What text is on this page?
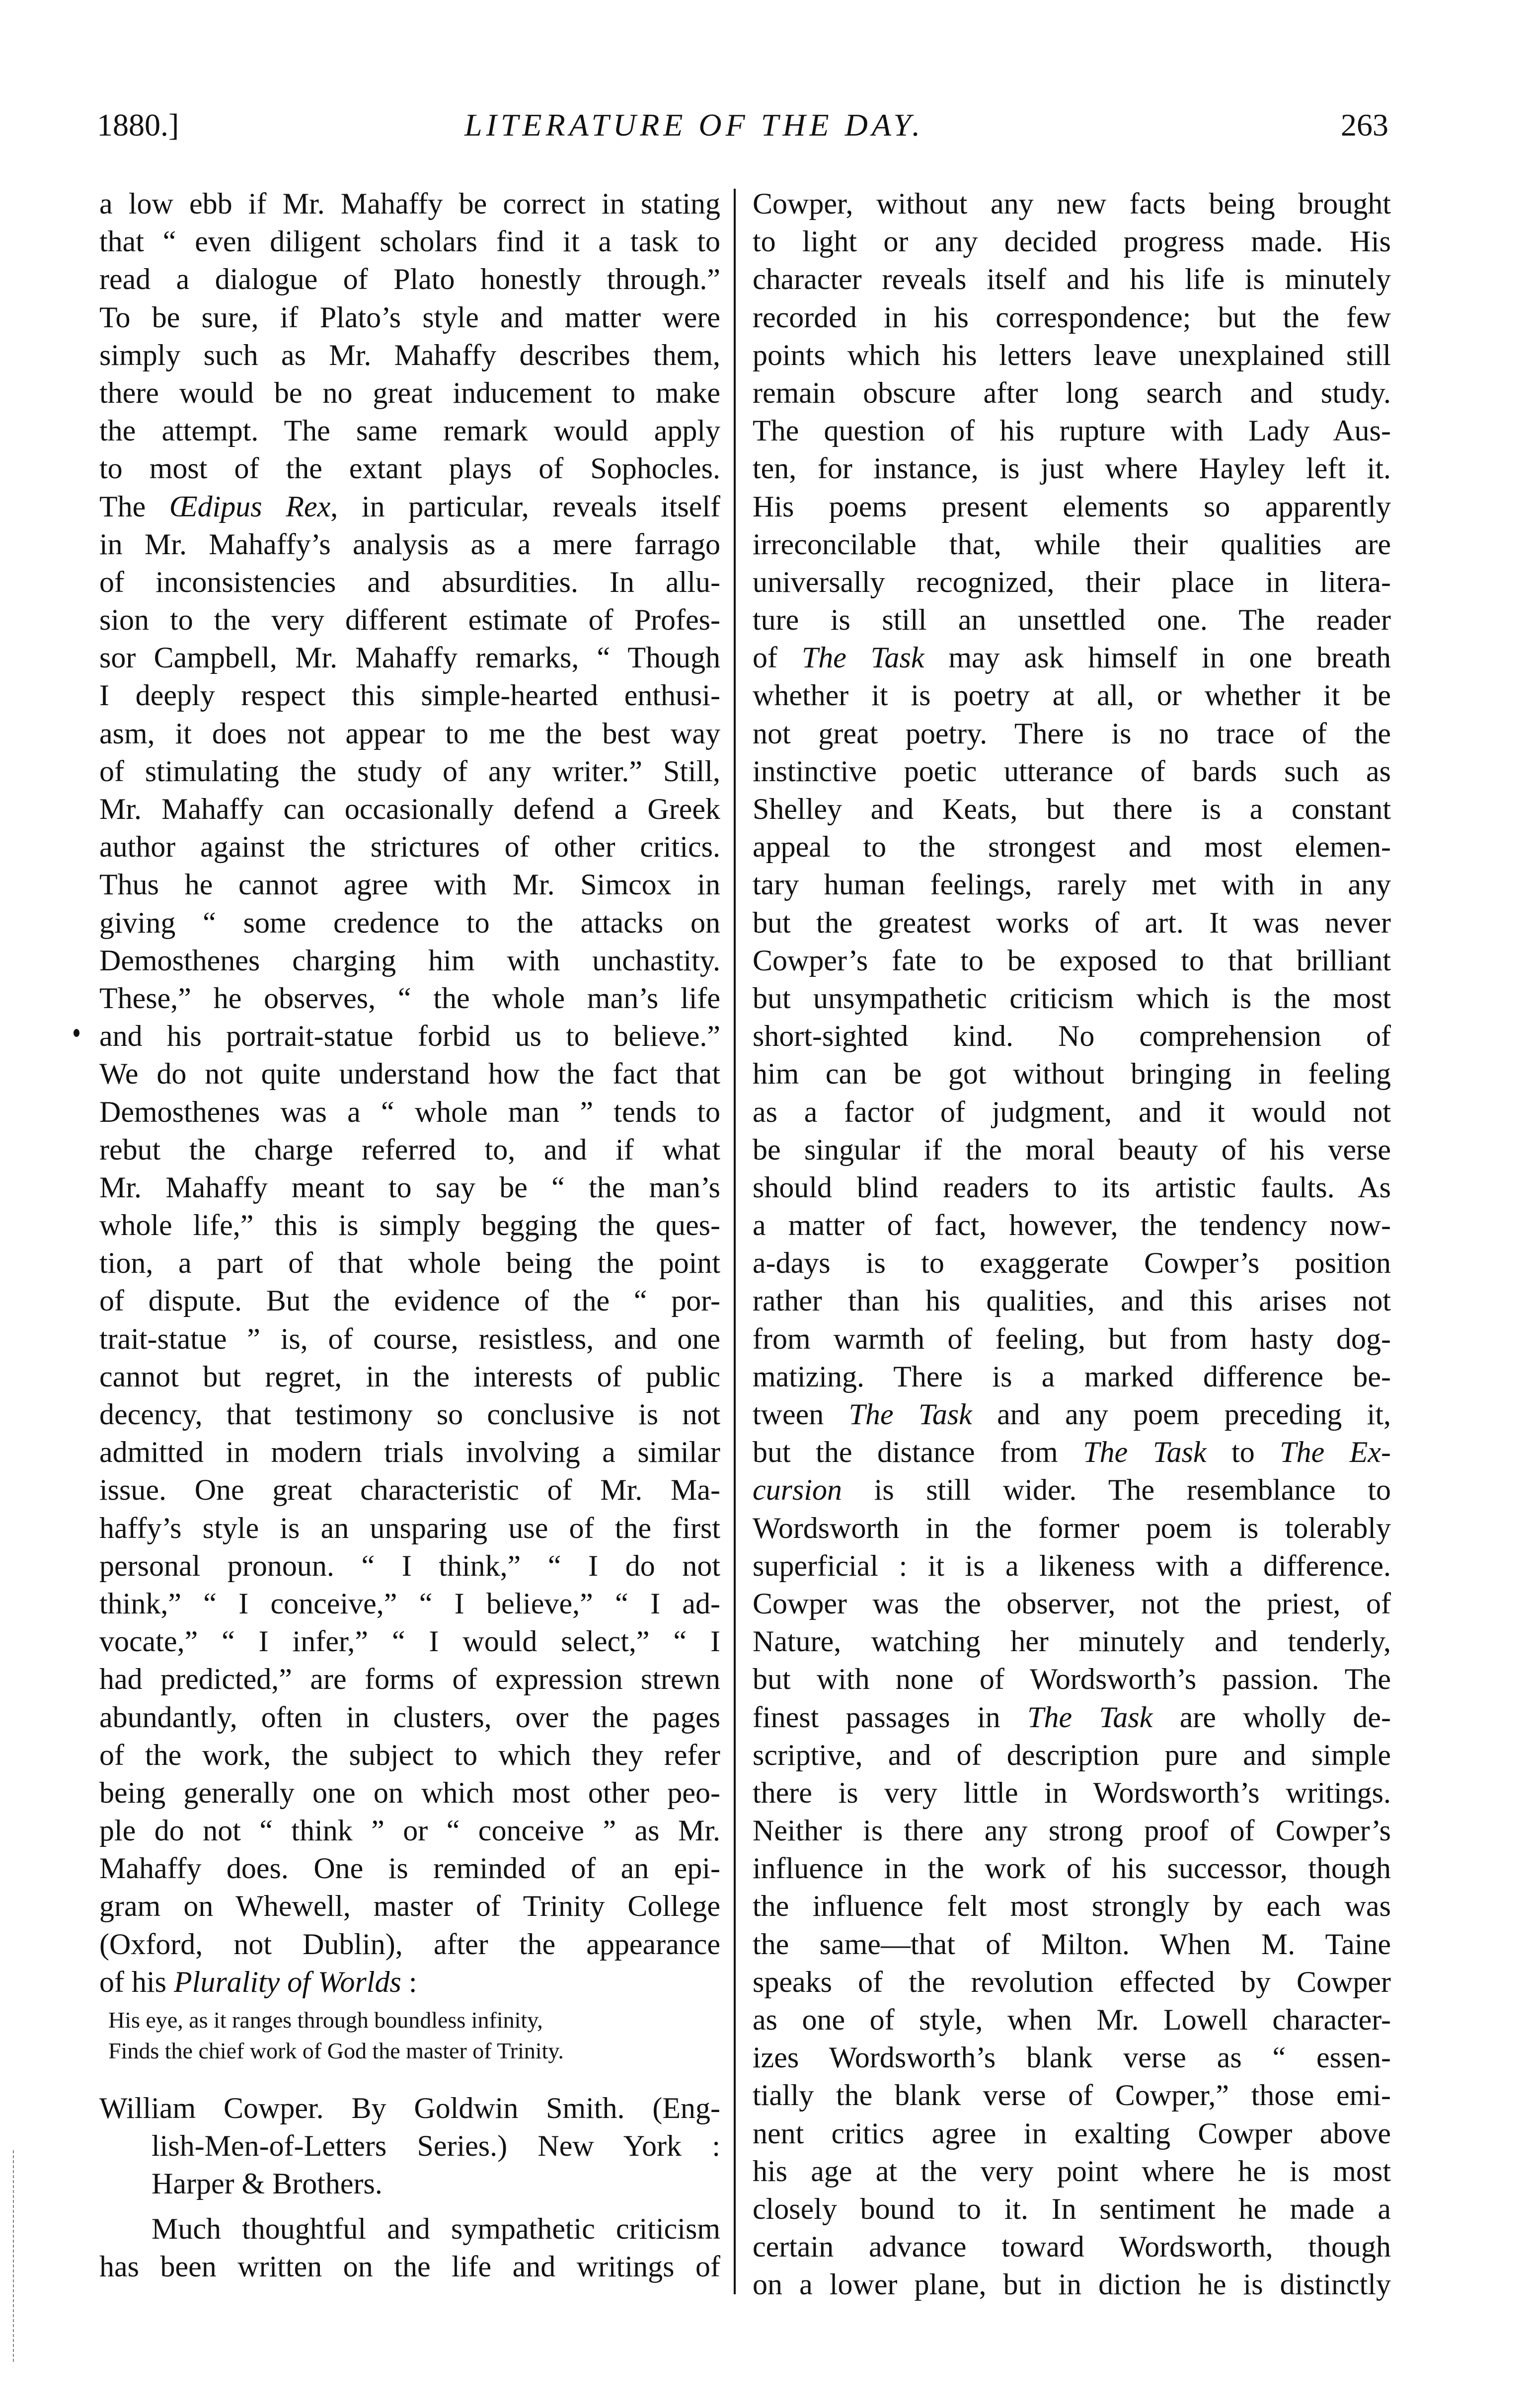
1880.]	LITERATURE OF THE DAY.	263
a low ebb if Mr. Mahaffy be correct in stating
that “ even diligent scholars find it a task to
read a dialogue of Plato honestly through.”
To be sure, if Plato’s style and matter were
simply such as Mr. Mahaffy describes them,
there would be no great inducement to make
the attempt. The same remark would apply
to most of the extant plays of Sophocles.
The Œdipus Rex, in particular, reveals itself
in Mr. Mahaffy’s analysis as a mere farrago
of inconsistencies and absurdities. In allu-
sion to the very different estimate of Profes-
sor Campbell, Mr. Mahaffy remarks, “ Though
I deeply respect this simple-hearted enthusi-
asm, it does not appear to me the best way
of stimulating the study of any writer.” Still,
Mr. Mahaffy can occasionally defend a Greek
author against the strictures of other critics.
Thus he cannot agree with Mr. Simcox in
giving “ some credence to the attacks on
Demosthenes charging him with unchastity.
These,” he observes, “ the whole man’s life
and his portrait-statue forbid us to believe.”
We do not quite understand how the fact that
Demosthenes was a “ whole man ” tends to
rebut the charge referred to, and if what
Mr. Mahaffy meant to say be “ the man’s
whole life,” this is simply begging the ques-
tion, a part of that whole being the point
of dispute. But the evidence of the “ por-
trait-statue ” is, of course, resistless, and one
cannot but regret, in the interests of public
decency, that testimony so conclusive is not
admitted in modern trials involving a similar
issue. One great characteristic of Mr. Ma-
haffy’s style is an unsparing use of the first
personal pronoun. “ I think,” “ I do not
think,” “ I conceive,” “ I believe,” “ I ad-
vocate,” “ I infer,” “ I would select,” “ I
had predicted,” are forms of expression strewn
abundantly, often in clusters, over the pages
of the work, the subject to which they refer
being generally one on which most other peo-
ple do not “ think ” or “ conceive ” as Mr.
Mahaffy does. One is reminded of an epi-
gram on Whewell, master of Trinity College
(Oxford, not Dublin), after the appearance
of his Plurality of Worlds :
His eye, as it ranges through boundless infinity,
Finds the chief work of God the master of Trinity.
William Cowper. By Goldwin Smith. (Eng-
lish-Men-of-Letters Series.) New York :
Harper & Brothers.
Much thoughtful and sympathetic criticism
has been written on the life and writings of
Cowper, without any new facts being brought
to light or any decided progress made. His
character reveals itself and his life is minutely
recorded in his correspondence; but the few
points which his letters leave unexplained still
remain obscure after long search and study.
The question of his rupture with Lady Aus-
ten, for instance, is just where Hayley left it.
His poems present elements so apparently
irreconcilable that, while their qualities are
universally recognized, their place in litera-
ture is still an unsettled one. The reader
of The Task may ask himself in one breath
whether it is poetry at all, or whether it be
not great poetry. There is no trace of the
instinctive poetic utterance of bards such as
Shelley and Keats, but there is a constant
appeal to the strongest and most elemen-
tary human feelings, rarely met with in any
but the greatest works of art. It was never
Cowper’s fate to be exposed to that brilliant
but unsympathetic criticism which is the most
short-sighted kind. No comprehension of
him can be got without bringing in feeling
as a factor of judgment, and it would not
be singular if the moral beauty of his verse
should blind readers to its artistic faults. As
a matter of fact, however, the tendency now-
a-days is to exaggerate Cowper’s position
rather than his qualities, and this arises not
from warmth of feeling, but from hasty dog-
matizing. There is a marked difference be-
tween The Task and any poem preceding it,
but the distance from The Task to The Ex-
cursion is still wider. The resemblance to
Wordsworth in the former poem is tolerably
superficial : it is a likeness with a difference.
Cowper was the observer, not the priest, of
Nature, watching her minutely and tenderly,
but with none of Wordsworth’s passion. The
finest passages in The Task are wholly de-
scriptive, and of description pure and simple
there is very little in Wordsworth’s writings.
Neither is there any strong proof of Cowper’s
influence in the work of his successor, though
the influence felt most strongly by each was
the same—that of Milton. When M. Taine
speaks of the revolution effected by Cowper
as one of style, when Mr. Lowell character-
izes Wordsworth’s blank verse as “ essen-
tially the blank verse of Cowper,” those emi-
nent critics agree in exalting Cowper above
his age at the very point where he is most
closely bound to it. In sentiment he made a
certain advance toward Wordsworth, though
on a lower plane, but in diction he is distinctly
